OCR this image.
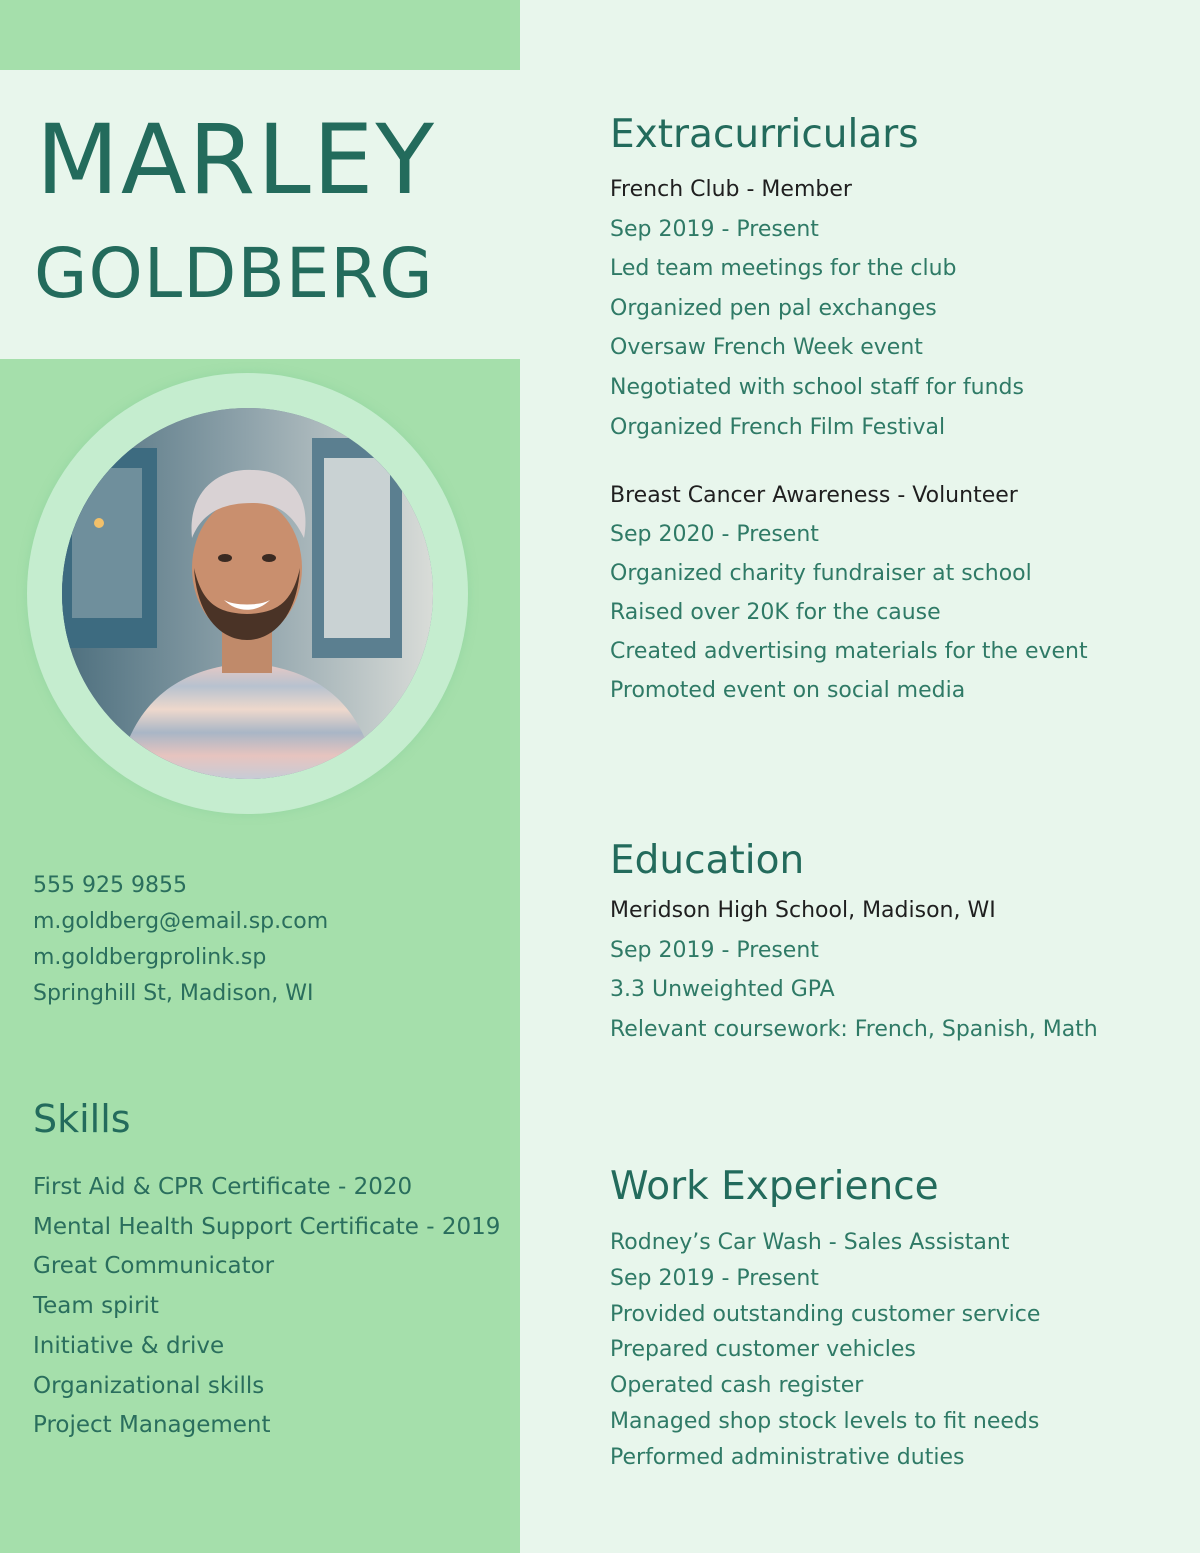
MARLEY
GOLDBERG
555 925 9855
m.goldberg@email.sp.com
m.goldbergprolink.sp
Springhill St, Madison, WI
Skills
First Aid & CPR Certificate - 2020
Mental Health Support Certificate - 2019
Great Communicator
Team spirit
Initiative & drive
Organizational skills
Project Management
Extracurriculars
French Club - Member
Sep 2019 - Present
Led team meetings for the club
Organized pen pal exchanges
Oversaw French Week event
Negotiated with school staff for funds
Organized French Film Festival
Breast Cancer Awareness - Volunteer
Sep 2020 - Present
Organized charity fundraiser at school
Raised over 20K for the cause
Created advertising materials for the event
Promoted event on social media
Education
Meridson High School, Madison, WI
Sep 2019 - Present
3.3 Unweighted GPA
Relevant coursework: French, Spanish, Math
Work Experience
Rodney’s Car Wash - Sales Assistant
Sep 2019 - Present
Provided outstanding customer service
Prepared customer vehicles
Operated cash register
Managed shop stock levels to fit needs
Performed administrative duties
